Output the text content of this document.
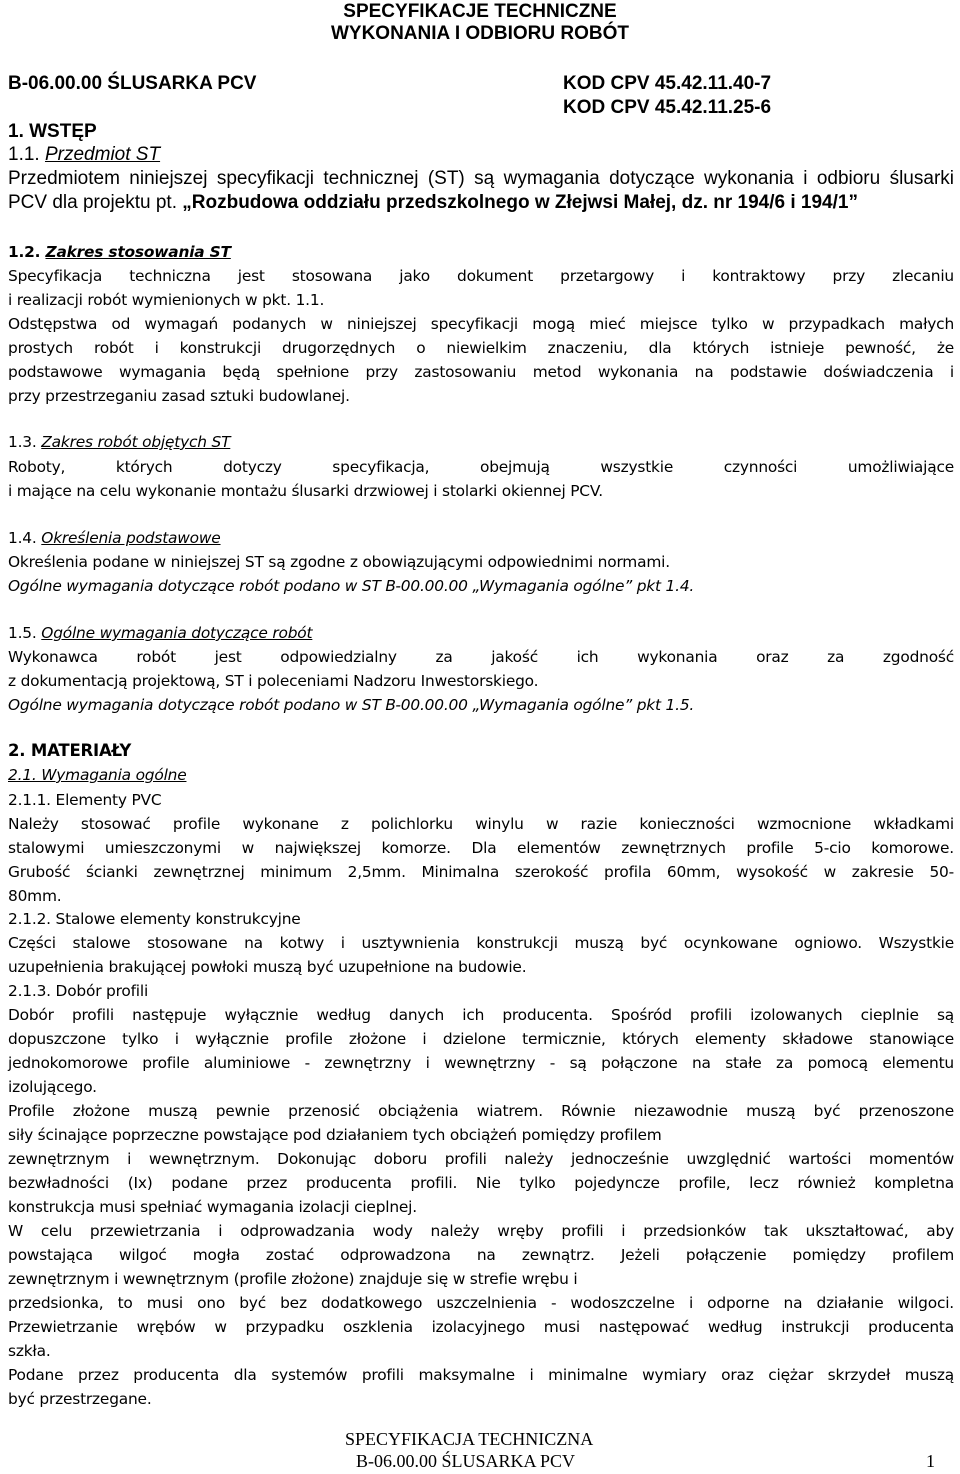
SPECYFIKACJE TECHNICZNE
WYKONANIA I ODBIORU ROBÓT
B-06.00.00 ŚLUSARKA PCV	KOD CPV 45.42.11.40-7
KOD CPV 45.42.11.25-6
1. WSTĘP
1.1. Przedmiot ST
Przedmiotem niniejszej specyfikacji technicznej (ST) są wymagania dotyczące wykonania i odbioru ślusarki
PCV dla projektu pt. „Rozbudowa oddziału przedszkolnego w Złejwsi Małej, dz. nr 194/6 i 194/1”
1.2. Zakres stosowania ST
Specyfikacja techniczna jest stosowana jako dokument przetargowy i kontraktowy przy zlecaniu
i realizacji robót wymienionych w pkt. 1.1.
Odstępstwa od wymagań podanych w niniejszej specyfikacji mogą mieć miejsce tylko w przypadkach małych
prostych robót i konstrukcji drugorzędnych o niewielkim znaczeniu, dla których istnieje pewność, że
podstawowe wymagania będą spełnione przy zastosowaniu metod wykonania na podstawie doświadczenia i
przy przestrzeganiu zasad sztuki budowlanej.
1.3. Zakres robót objętych ST
Roboty, których dotyczy specyfikacja, obejmują wszystkie czynności umożliwiające
i mające na celu wykonanie montażu ślusarki drzwiowej i stolarki okiennej PCV.
1.4. Określenia podstawowe
Określenia podane w niniejszej ST są zgodne z obowiązującymi odpowiednimi normami.
Ogólne wymagania dotyczące robót podano w ST B-00.00.00 „Wymagania ogólne” pkt 1.4.
1.5. Ogólne wymagania dotyczące robót
Wykonawca robót jest odpowiedzialny za jakość ich wykonania oraz za zgodność
z dokumentacją projektową, ST i poleceniami Nadzoru Inwestorskiego.
Ogólne wymagania dotyczące robót podano w ST B-00.00.00 „Wymagania ogólne” pkt 1.5.
2. MATERIAŁY
2.1. Wymagania ogólne
2.1.1. Elementy PVC
Należy stosować profile wykonane z polichlorku winylu w razie konieczności wzmocnione wkładkami
stalowymi umieszczonymi w największej komorze. Dla elementów zewnętrznych profile 5-cio komorowe.
Grubość ścianki zewnętrznej minimum 2,5mm. Minimalna szerokość profila 60mm, wysokość w zakresie 50-
80mm.
2.1.2. Stalowe elementy konstrukcyjne
Części stalowe stosowane na kotwy i usztywnienia konstrukcji muszą być ocynkowane ogniowo. Wszystkie
uzupełnienia brakującej powłoki muszą być uzupełnione na budowie.
2.1.3. Dobór profili
Dobór profili następuje wyłącznie według danych ich producenta. Spośród profili izolowanych cieplnie są
dopuszczone tylko i wyłącznie profile złożone i dzielone termicznie, których elementy składowe stanowiące
jednokomorowe profile aluminiowe - zewnętrzny i wewnętrzny - są połączone na stałe za pomocą elementu
izolującego.
Profile złożone muszą pewnie przenosić obciążenia wiatrem. Równie niezawodnie muszą być przenoszone
siły ścinające poprzeczne powstające pod działaniem tych obciążeń pomiędzy profilem
zewnętrznym i wewnętrznym. Dokonując doboru profili należy jednocześnie uwzględnić wartości momentów
bezwładności (Ix) podane przez producenta profili. Nie tylko pojedyncze profile, lecz również kompletna
konstrukcja musi spełniać wymagania izolacji cieplnej.
W celu przewietrzania i odprowadzania wody należy wręby profili i przedsionków tak ukształtować, aby
powstająca wilgoć mogła zostać odprowadzona na zewnątrz. Jeżeli połączenie pomiędzy profilem
zewnętrznym i wewnętrznym (profile złożone) znajduje się w strefie wrębu i
przedsionka, to musi ono być bez dodatkowego uszczelnienia - wodoszczelne i odporne na działanie wilgoci.
Przewietrzanie wrębów w przypadku oszklenia izolacyjnego musi następować według instrukcji producenta
szkła.
Podane przez producenta dla systemów profili maksymalne i minimalne wymiary oraz ciężar skrzydeł muszą
być przestrzegane.
SPECYFIKACJA TECHNICZNA
B-06.00.00 ŚLUSARKA PCV	1
